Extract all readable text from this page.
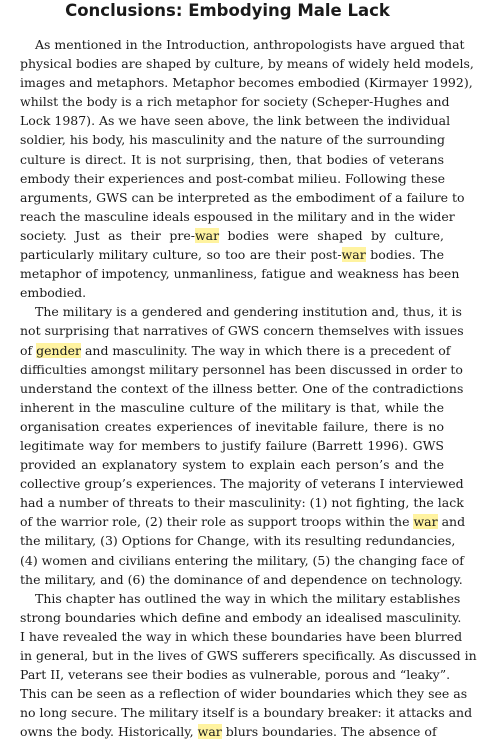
Conclusions: Embodying Male Lack
As mentioned in the Introduction, anthropologists have argued that
physical bodies are shaped by culture, by means of widely held models,
images and metaphors. Metaphor becomes embodied (Kirmayer 1992),
whilst the body is a rich metaphor for society (Scheper-Hughes and
Lock 1987). As we have seen above, the link between the individual
soldier, his body, his masculinity and the nature of the surrounding
culture is direct. It is not surprising, then, that bodies of veterans
embody their experiences and post-combat milieu. Following these
arguments, GWS can be interpreted as the embodiment of a failure to
reach the masculine ideals espoused in the military and in the wider
society. Just as their pre-war bodies were shaped by culture,
particularly military culture, so too are their post-war bodies. The
metaphor of impotency, unmanliness, fatigue and weakness has been
embodied.
The military is a gendered and gendering institution and, thus, it is
not surprising that narratives of GWS concern themselves with issues
of gender and masculinity. The way in which there is a precedent of
difficulties amongst military personnel has been discussed in order to
understand the context of the illness better. One of the contradictions
inherent in the masculine culture of the military is that, while the
organisation creates experiences of inevitable failure, there is no
legitimate way for members to justify failure (Barrett 1996). GWS
provided an explanatory system to explain each person’s and the
collective group’s experiences. The majority of veterans I interviewed
had a number of threats to their masculinity: (1) not fighting, the lack
of the warrior role, (2) their role as support troops within the war and
the military, (3) Options for Change, with its resulting redundancies,
(4) women and civilians entering the military, (5) the changing face of
the military, and (6) the dominance of and dependence on technology.
This chapter has outlined the way in which the military establishes
strong boundaries which define and embody an idealised masculinity.
I have revealed the way in which these boundaries have been blurred
in general, but in the lives of GWS sufferers specifically. As discussed in
Part II, veterans see their bodies as vulnerable, porous and “leaky”.
This can be seen as a reflection of wider boundaries which they see as
no long secure. The military itself is a boundary breaker: it attacks and
owns the body. Historically, war blurs boundaries. The absence of
